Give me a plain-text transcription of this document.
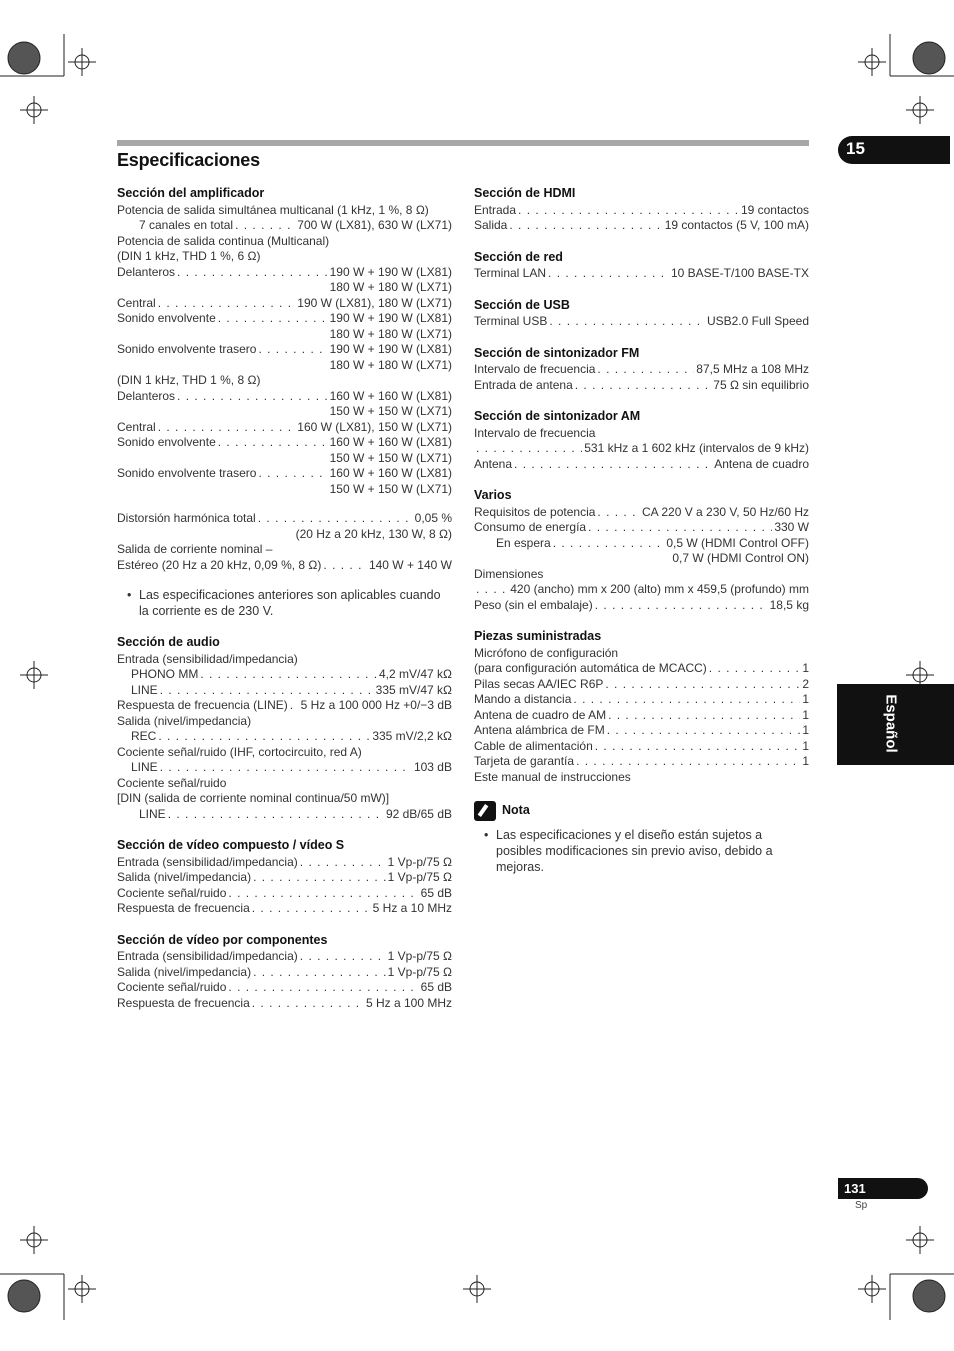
Especificaciones
15
Español
131
Sp
Sección del amplificador
Potencia de salida simultánea multicanal (1 kHz, 1 %, 8 Ω)
7 canales en total . . .	700 W (LX81), 630 W (LX71)
Potencia de salida continua (Multicanal)
(DIN 1 kHz, THD 1 %, 6 Ω)
Delanteros . . .	190 W + 190 W (LX81)
180 W + 180 W (LX71)
Central . . .	190 W (LX81), 180 W (LX71)
Sonido envolvente . . .	190 W + 190 W (LX81)
180 W + 180 W (LX71)
Sonido envolvente trasero . . .	190 W + 190 W (LX81)
180 W + 180 W (LX71)
(DIN 1 kHz, THD 1 %, 8 Ω)
Delanteros . . .	160 W + 160 W (LX81)
150 W + 150 W (LX71)
Central . . .	160 W (LX81), 150 W (LX71)
Sonido envolvente . . .	160 W + 160 W (LX81)
150 W + 150 W (LX71)
Sonido envolvente trasero . . .	160 W + 160 W (LX81)
150 W + 150 W (LX71)
Distorsión harmónica total . . .	0,05 %
(20 Hz a 20 kHz, 130 W, 8 Ω)
Salida de corriente nominal –
Estéreo (20 Hz a 20 kHz, 0,09 %, 8 Ω) . . .	140 W + 140 W
• Las especificaciones anteriores son aplicables cuando la corriente es de 230 V.
Sección de audio
Entrada (sensibilidad/impedancia)
PHONO MM . . .	4,2 mV/47 kΩ
LINE . . .	335 mV/47 kΩ
Respuesta de frecuencia (LINE) . . . 5 Hz a 100 000 Hz +0/−3 dB
Salida (nivel/impedancia)
REC . . .	335 mV/2,2 kΩ
Cociente señal/ruido (IHF, cortocircuito, red A)
LINE . . .	103 dB
Cociente señal/ruido
[DIN (salida de corriente nominal continua/50 mW)]
LINE . . .	92 dB/65 dB
Sección de vídeo compuesto / vídeo S
Entrada (sensibilidad/impedancia) . . .	1 Vp-p/75 Ω
Salida (nivel/impedancia) . . .	1 Vp-p/75 Ω
Cociente señal/ruido . . .	65 dB
Respuesta de frecuencia . . .	5 Hz a 10 MHz
Sección de vídeo por componentes
Entrada (sensibilidad/impedancia) . . .	1 Vp-p/75 Ω
Salida (nivel/impedancia) . . .	1 Vp-p/75 Ω
Cociente señal/ruido . . .	65 dB
Respuesta de frecuencia . . .	5 Hz a 100 MHz
Sección de HDMI
Entrada . . .	19 contactos
Salida . . .	19 contactos (5 V, 100 mA)
Sección de red
Terminal LAN . . .	10 BASE-T/100 BASE-TX
Sección de USB
Terminal USB . . .	USB2.0 Full Speed
Sección de sintonizador FM
Intervalo de frecuencia . . .	87,5 MHz a 108 MHz
Entrada de antena . . .	75 Ω sin equilibrio
Sección de sintonizador AM
Intervalo de frecuencia
. . .
531 kHz a 1 602 kHz (intervalos de 9 kHz)
Antena . . .	Antena de cuadro
Varios
Requisitos de potencia . . .	CA 220 V a 230 V, 50 Hz/60 Hz
Consumo de energía . . .	330 W
En espera . . .	0,5 W (HDMI Control OFF)
0,7 W (HDMI Control ON)
Dimensiones
. . .
420 (ancho) mm x 200 (alto) mm x 459,5 (profundo) mm
Peso (sin el embalaje) . . .	18,5 kg
Piezas suministradas
Micrófono de configuración
(para configuración automática de MCACC) . . .	1
Pilas secas AA/IEC R6P . . .	2
Mando a distancia . . .	1
Antena de cuadro de AM . . .	1
Antena alámbrica de FM . . .	1
Cable de alimentación . . .	1
Tarjeta de garantía . . .	1
Este manual de instrucciones
Nota
• Las especificaciones y el diseño están sujetos a posibles modificaciones sin previo aviso, debido a mejoras.
